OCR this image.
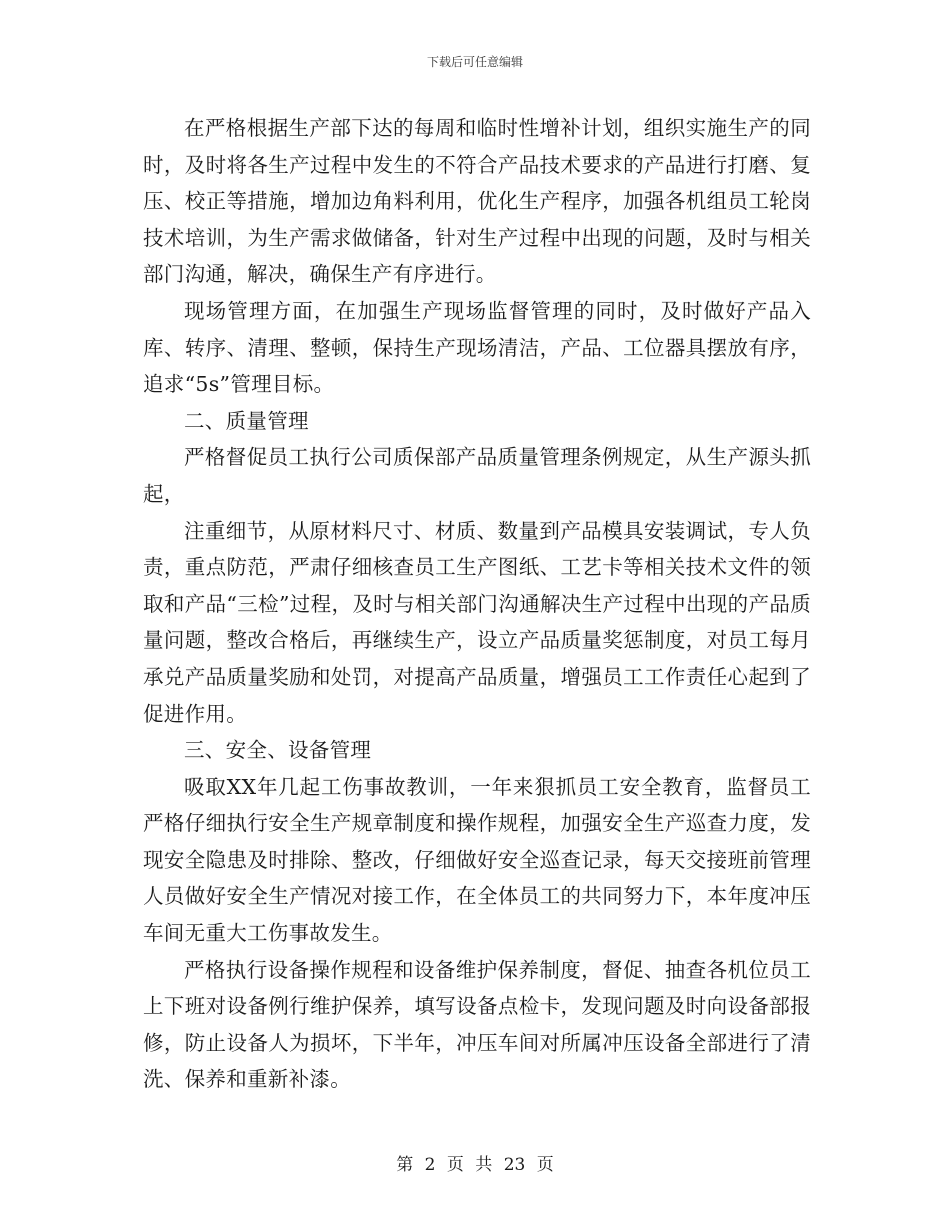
下载后可任意编辑

在严格根据生产部下达的每周和临时性增补计划，组织实施生产的同时，及时将各生产过程中发生的不符合产品技术要求的产品进行打磨、复压、校正等措施，增加边角料利用，优化生产程序，加强各机组员工轮岗技术培训，为生产需求做储备，针对生产过程中出现的问题，及时与相关部门沟通，解决，确保生产有序进行。

现场管理方面，在加强生产现场监督管理的同时，及时做好产品入库、转序、清理、整顿，保持生产现场清洁，产品、工位器具摆放有序，追求“5s”管理目标。

二、质量管理

严格督促员工执行公司质保部产品质量管理条例规定，从生产源头抓起，

注重细节，从原材料尺寸、材质、数量到产品模具安装调试，专人负责，重点防范，严肃仔细核查员工生产图纸、工艺卡等相关技术文件的领取和产品“三检”过程，及时与相关部门沟通解决生产过程中出现的产品质量问题，整改合格后，再继续生产，设立产品质量奖惩制度，对员工每月承兑产品质量奖励和处罚，对提高产品质量，增强员工工作责任心起到了促进作用。

三、安全、设备管理

吸取XX年几起工伤事故教训，一年来狠抓员工安全教育，监督员工严格仔细执行安全生产规章制度和操作规程，加强安全生产巡查力度，发现安全隐患及时排除、整改，仔细做好安全巡查记录，每天交接班前管理人员做好安全生产情况对接工作，在全体员工的共同努力下，本年度冲压车间无重大工伤事故发生。

严格执行设备操作规程和设备维护保养制度，督促、抽查各机位员工上下班对设备例行维护保养，填写设备点检卡，发现问题及时向设备部报修，防止设备人为损坏，下半年，冲压车间对所属冲压设备全部进行了清洗、保养和重新补漆。

第 2 页 共 23 页
